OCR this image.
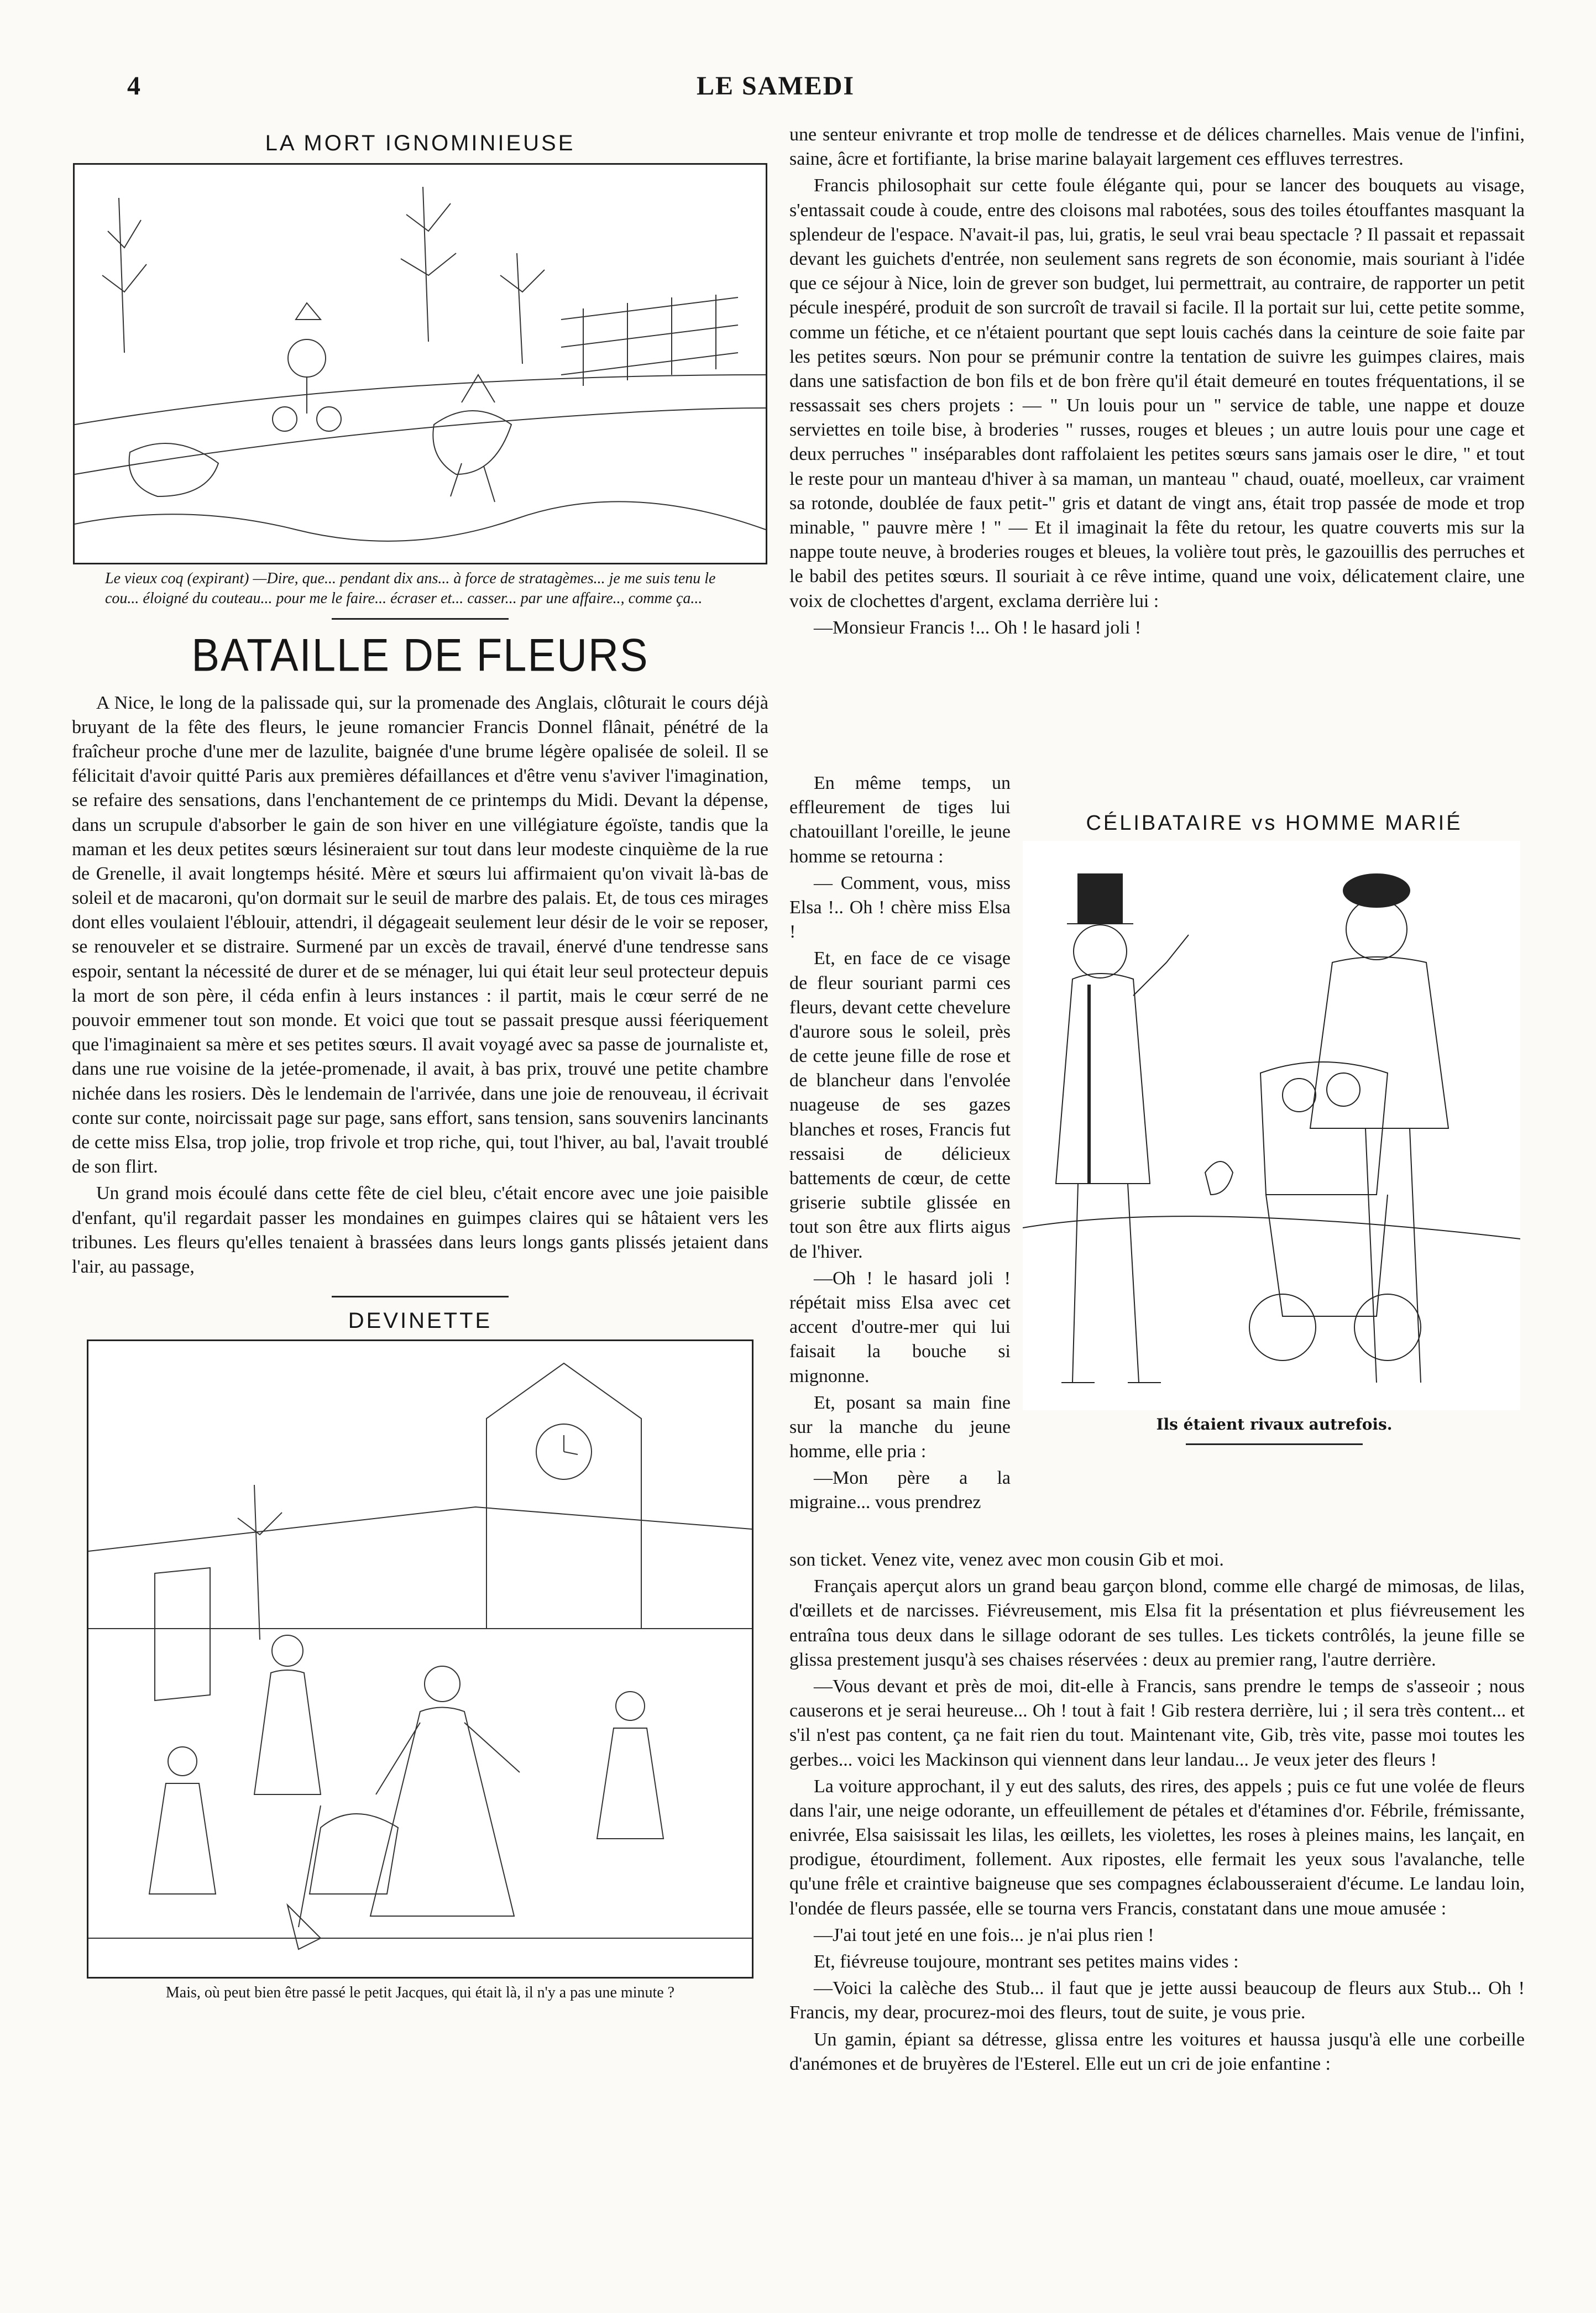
4	LE SAMEDI
LA MORT IGNOMINIEUSE
Le vieux coq (expirant) —Dire, que... pendant dix ans... à force de stratagèmes... je me suis tenu le cou... éloigné du couteau... pour me le faire... écraser et... casser... par une affaire.., comme ça...
BATAILLE DE FLEURS

A Nice, le long de la palissade qui, sur la promenade des Anglais, clôturait le cours déjà bruyant de la fête des fleurs, le jeune romancier Francis Donnel flânait, pénétré de la fraîcheur proche d'une mer de lazulite, baignée d'une brume légère opalisée de soleil. Il se félicitait d'avoir quitté Paris aux premières défaillances et d'être venu s'aviver l'imagination, se refaire des sensations, dans l'enchantement de ce printemps du Midi. Devant la dépense, dans un scrupule d'absorber le gain de son hiver en une villégiature égoïste, tandis que la maman et les deux petites sœurs lésineraient sur tout dans leur modeste cinquième de la rue de Grenelle, il avait longtemps hésité. Mère et sœurs lui affirmaient qu'on vivait là-bas de soleil et de macaroni, qu'on dormait sur le seuil de marbre des palais. Et, de tous ces mirages dont elles voulaient l'éblouir, attendri, il dégageait seulement leur désir de le voir se reposer, se renouveler et se distraire. Surmené par un excès de travail, énervé d'une tendresse sans espoir, sentant la nécessité de durer et de se ménager, lui qui était leur seul protecteur depuis la mort de son père, il céda enfin à leurs instances : il partit, mais le cœur serré de ne pouvoir emmener tout son monde. Et voici que tout se passait presque aussi féeriquement que l'imaginaient sa mère et ses petites sœurs. Il avait voyagé avec sa passe de journaliste et, dans une rue voisine de la jetée-promenade, il avait, à bas prix, trouvé une petite chambre nichée dans les rosiers. Dès le lendemain de l'arrivée, dans une joie de renouveau, il écrivait conte sur conte, noircissait page sur page, sans effort, sans tension, sans souvenirs lancinants de cette miss Elsa, trop jolie, trop frivole et trop riche, qui, tout l'hiver, au bal, l'avait troublé de son flirt.

Un grand mois écoulé dans cette fête de ciel bleu, c'était encore avec une joie paisible d'enfant, qu'il regardait passer les mondaines en guimpes claires qui se hâtaient vers les tribunes. Les fleurs qu'elles tenaient à brassées dans leurs longs gants plissés jetaient dans l'air, au passage,

DEVINETTE
Mais, où peut bien être passé le petit Jacques, qui était là, il n'y a pas une minute ?

une senteur enivrante et trop molle de tendresse et de délices charnelles. Mais venue de l'infini, saine, âcre et fortifiante, la brise marine balayait largement ces effluves terrestres.

Francis philosophait sur cette foule élégante qui, pour se lancer des bouquets au visage, s'entassait coude à coude, entre des cloisons mal rabotées, sous des toiles étouffantes masquant la splendeur de l'espace. N'avait-il pas, lui, gratis, le seul vrai beau spectacle ? Il passait et repassait devant les guichets d'entrée, non seulement sans regrets de son économie, mais souriant à l'idée que ce séjour à Nice, loin de grever son budget, lui permettrait, au contraire, de rapporter un petit pécule inespéré, produit de son surcroît de travail si facile. Il la portait sur lui, cette petite somme, comme un fétiche, et ce n'étaient pourtant que sept louis cachés dans la ceinture de soie faite par les petites sœurs. Non pour se prémunir contre la tentation de suivre les guimpes claires, mais dans une satisfaction de bon fils et de bon frère qu'il était demeuré en toutes fréquentations, il se ressassait ses chers projets : — " Un louis pour un " service de table, une nappe et douze serviettes en toile bise, à broderies " russes, rouges et bleues ; un autre louis pour une cage et deux perruches " inséparables dont raffolaient les petites sœurs sans jamais oser le dire, " et tout le reste pour un manteau d'hiver à sa maman, un manteau " chaud, ouaté, moelleux, car vraiment sa rotonde, doublée de faux petit-" gris et datant de vingt ans, était trop passée de mode et trop minable, " pauvre mère ! " — Et il imaginait la fête du retour, les quatre couverts mis sur la nappe toute neuve, à broderies rouges et bleues, la volière tout près, le gazouillis des perruches et le babil des petites sœurs. Il souriait à ce rêve intime, quand une voix, délicatement claire, une voix de clochettes d'argent, exclama derrière lui :

—Monsieur Francis !... Oh ! le hasard joli !

En même temps, un effleurement de tiges lui chatouillant l'oreille, le jeune homme se retourna :

— Comment, vous, miss Elsa !.. Oh ! chère miss Elsa !

Et, en face de ce visage de fleur souriant parmi ces fleurs, devant cette chevelure d'aurore sous le soleil, près de cette jeune fille de rose et de blancheur dans l'envolée nuageuse de ses gazes blanches et roses, Francis fut ressaisi de délicieux battements de cœur, de cette griserie subtile glissée en tout son être aux flirts aigus de l'hiver.

—Oh ! le hasard joli ! répétait miss Elsa avec cet accent d'outre-mer qui lui faisait la bouche si mignonne.

Et, posant sa main fine sur la manche du jeune homme, elle pria :

—Mon père a la migraine... vous prendrez

CÉLIBATAIRE vs HOMME MARIÉ
Ils étaient rivaux autrefois.

son ticket. Venez vite, venez avec mon cousin Gib et moi.

Français aperçut alors un grand beau garçon blond, comme elle chargé de mimosas, de lilas, d'œillets et de narcisses. Fiévreusement, mis Elsa fit la présentation et plus fiévreusement les entraîna tous deux dans le sillage odorant de ses tulles. Les tickets contrôlés, la jeune fille se glissa prestement jusqu'à ses chaises réservées : deux au premier rang, l'autre derrière.

—Vous devant et près de moi, dit-elle à Francis, sans prendre le temps de s'asseoir ; nous causerons et je serai heureuse... Oh ! tout à fait ! Gib restera derrière, lui ; il sera très content... et s'il n'est pas content, ça ne fait rien du tout. Maintenant vite, Gib, très vite, passe moi toutes les gerbes... voici les Mackinson qui viennent dans leur landau... Je veux jeter des fleurs !

La voiture approchant, il y eut des saluts, des rires, des appels ; puis ce fut une volée de fleurs dans l'air, une neige odorante, un effeuillement de pétales et d'étamines d'or. Fébrile, frémissante, enivrée, Elsa saisissait les lilas, les œillets, les violettes, les roses à pleines mains, les lançait, en prodigue, étourdiment, follement. Aux ripostes, elle fermait les yeux sous l'avalanche, telle qu'une frêle et craintive baigneuse que ses compagnes éclabousseraient d'écume. Le landau loin, l'ondée de fleurs passée, elle se tourna vers Francis, constatant dans une moue amusée :

—J'ai tout jeté en une fois... je n'ai plus rien !

Et, fiévreuse toujoure, montrant ses petites mains vides :

—Voici la calèche des Stub... il faut que je jette aussi beaucoup de fleurs aux Stub... Oh ! Francis, my dear, procurez-moi des fleurs, tout de suite, je vous prie.

Un gamin, épiant sa détresse, glissa entre les voitures et haussa jusqu'à elle une corbeille d'anémones et de bruyères de l'Esterel. Elle eut un cri de joie enfantine :
